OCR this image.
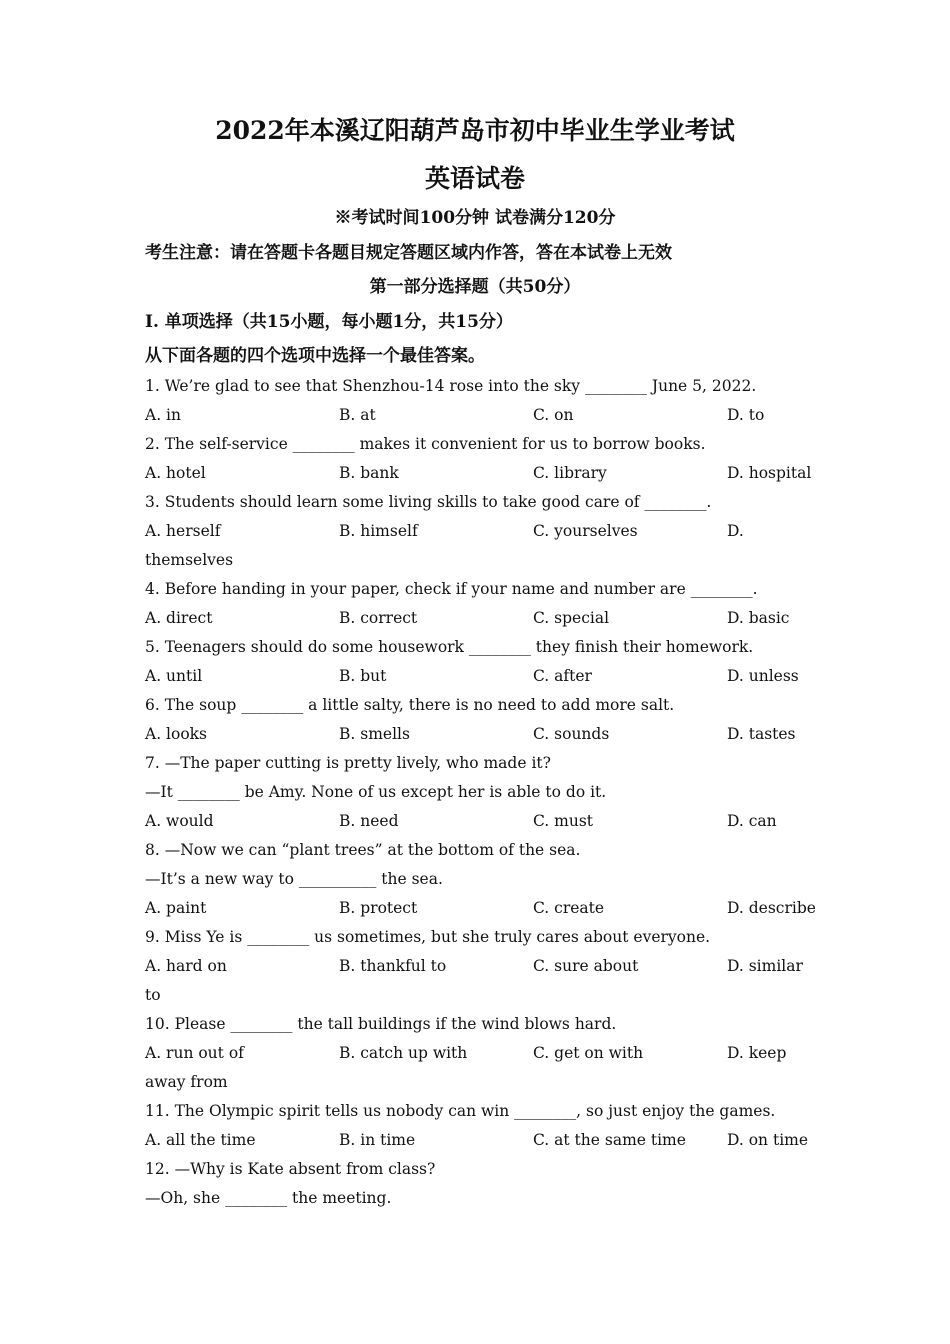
2022年本溪辽阳葫芦岛市初中毕业生学业考试
英语试卷
※考试时间100分钟 试卷满分120分
考生注意：请在答题卡各题目规定答题区域内作答，答在本试卷上无效
第一部分选择题（共50分）
I. 单项选择（共15小题，每小题1分，共15分）
从下面各题的四个选项中选择一个最佳答案。
1. We’re glad to see that Shenzhou-14 rose into the sky ________ June 5, 2022.
A. in	B. at	C. on	D. to
2. The self-service ________ makes it convenient for us to borrow books.
A. hotel	B. bank	C. library	D. hospital
3. Students should learn some living skills to take good care of ________.
A. herself	B. himself	C. yourselves	D.
themselves
4. Before handing in your paper, check if your name and number are ________.
A. direct	B. correct	C. special	D. basic
5. Teenagers should do some housework ________ they finish their homework.
A. until	B. but	C. after	D. unless
6. The soup ________ a little salty, there is no need to add more salt.
A. looks	B. smells	C. sounds	D. tastes
7. —The paper cutting is pretty lively, who made it?
—It ________ be Amy. None of us except her is able to do it.
A. would	B. need	C. must	D. can
8. —Now we can “plant trees” at the bottom of the sea.
—It’s a new way to __________ the sea.
A. paint	B. protect	C. create	D. describe
9. Miss Ye is ________ us sometimes, but she truly cares about everyone.
A. hard on	B. thankful to	C. sure about	D. similar
to
10. Please ________ the tall buildings if the wind blows hard.
A. run out of	B. catch up with	C. get on with	D. keep
away from
11. The Olympic spirit tells us nobody can win ________, so just enjoy the games.
A. all the time	B. in time	C. at the same time	D. on time
12. —Why is Kate absent from class?
—Oh, she ________ the meeting.
